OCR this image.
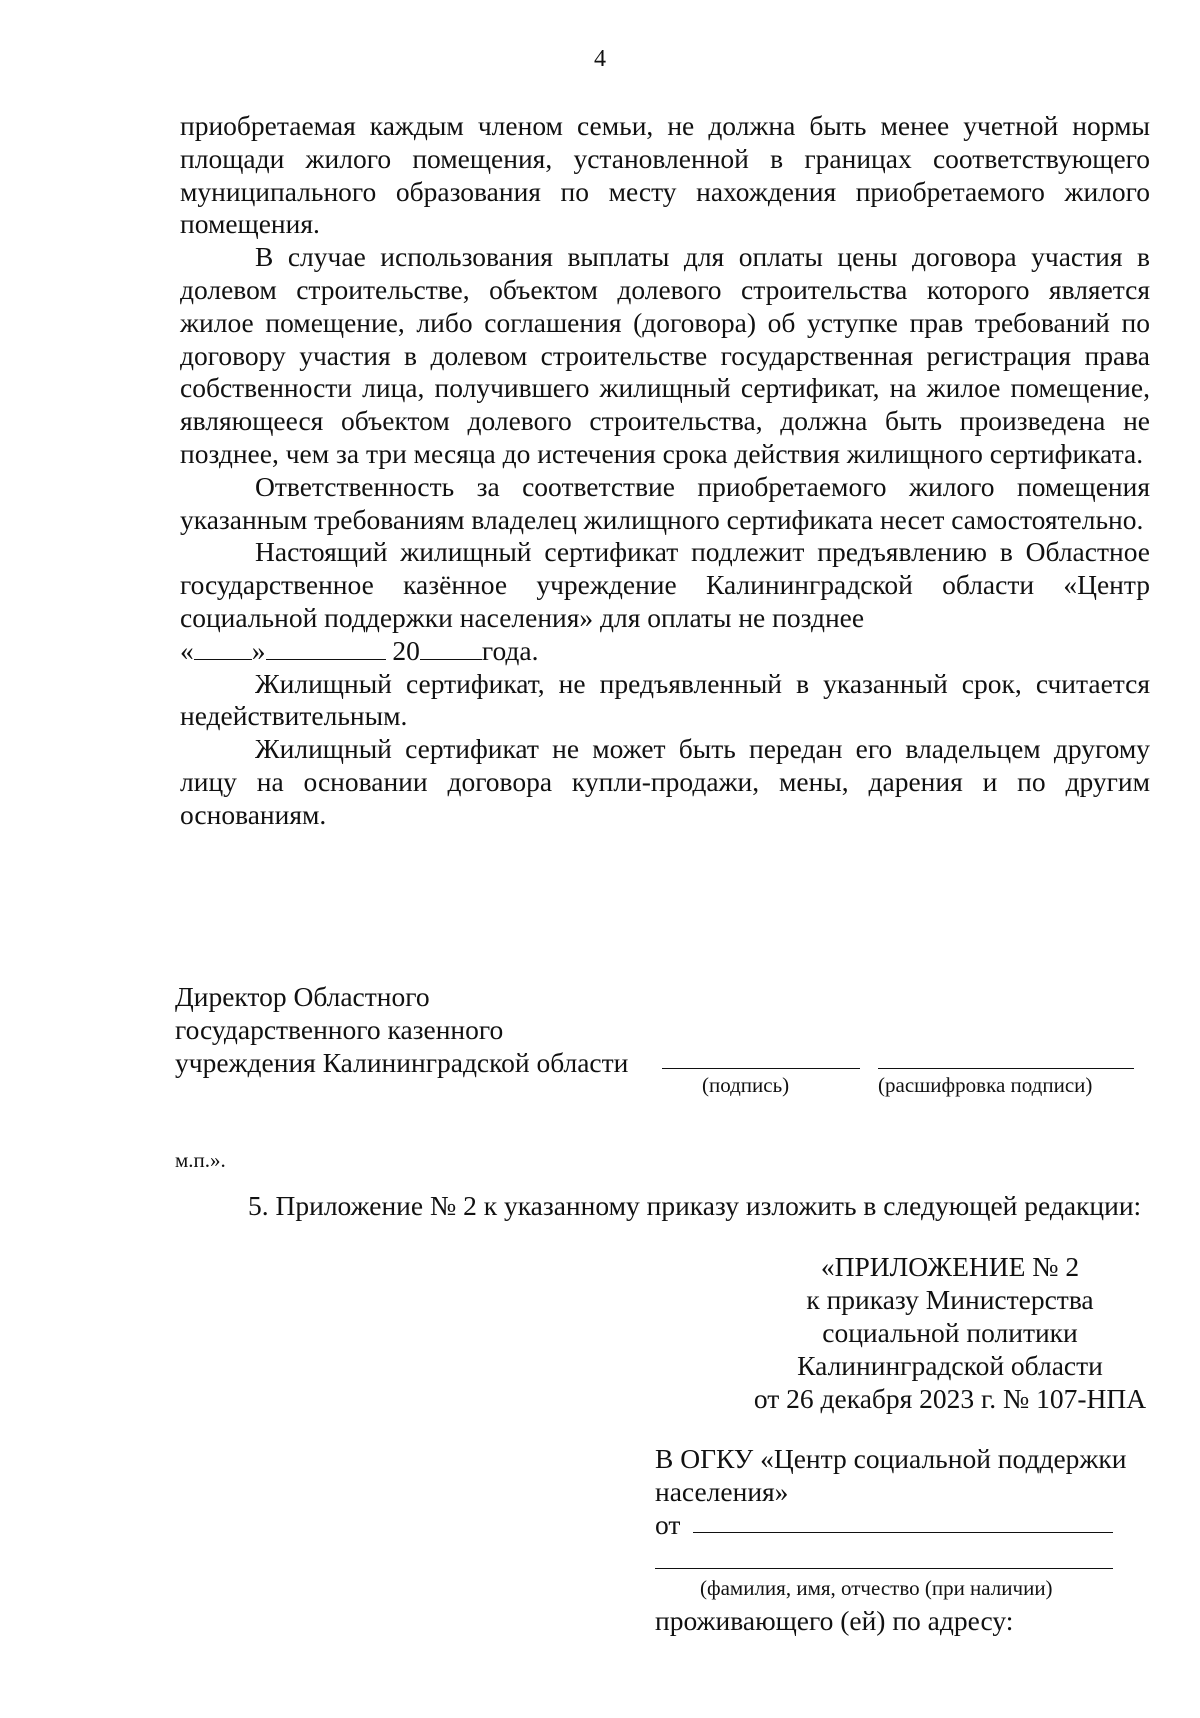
4

приобретаемая каждым членом семьи, не должна быть менее учетной нормы площади жилого помещения, установленной в границах соответствующего муниципального образования по месту нахождения приобретаемого жилого помещения.

В случае использования выплаты для оплаты цены договора участия в долевом строительстве, объектом долевого строительства которого является жилое помещение, либо соглашения (договора) об уступке прав требований по договору участия в долевом строительстве государственная регистрация права собственности лица, получившего жилищный сертификат, на жилое помещение, являющееся объектом долевого строительства, должна быть произведена не позднее, чем за три месяца до истечения срока действия жилищного сертификата.

Ответственность за соответствие приобретаемого жилого помещения указанным требованиям владелец жилищного сертификата несет самостоятельно.

Настоящий жилищный сертификат подлежит предъявлению в Областное государственное казённое учреждение Калининградской области «Центр социальной поддержки населения» для оплаты не позднее

« »	20 года.

Жилищный сертификат, не предъявленный в указанный срок, считается недействительным.

Жилищный сертификат не может быть передан его владельцем другому лицу на основании договора купли-продажи, мены, дарения и по другим основаниям.

Директор Областного
государственного казенного
учреждения Калининградской области
(подпись)	(расшифровка подписи)
м.п.».
5. Приложение № 2 к указанному приказу изложить в следующей редакции:
«ПРИЛОЖЕНИЕ № 2
к приказу Министерства
социальной политики
Калининградской области
от 26 декабря 2023 г. № 107-НПА
В ОГКУ «Центр социальной поддержки
населения»
от
(фамилия, имя, отчество (при наличии)
проживающего (ей) по адресу:
